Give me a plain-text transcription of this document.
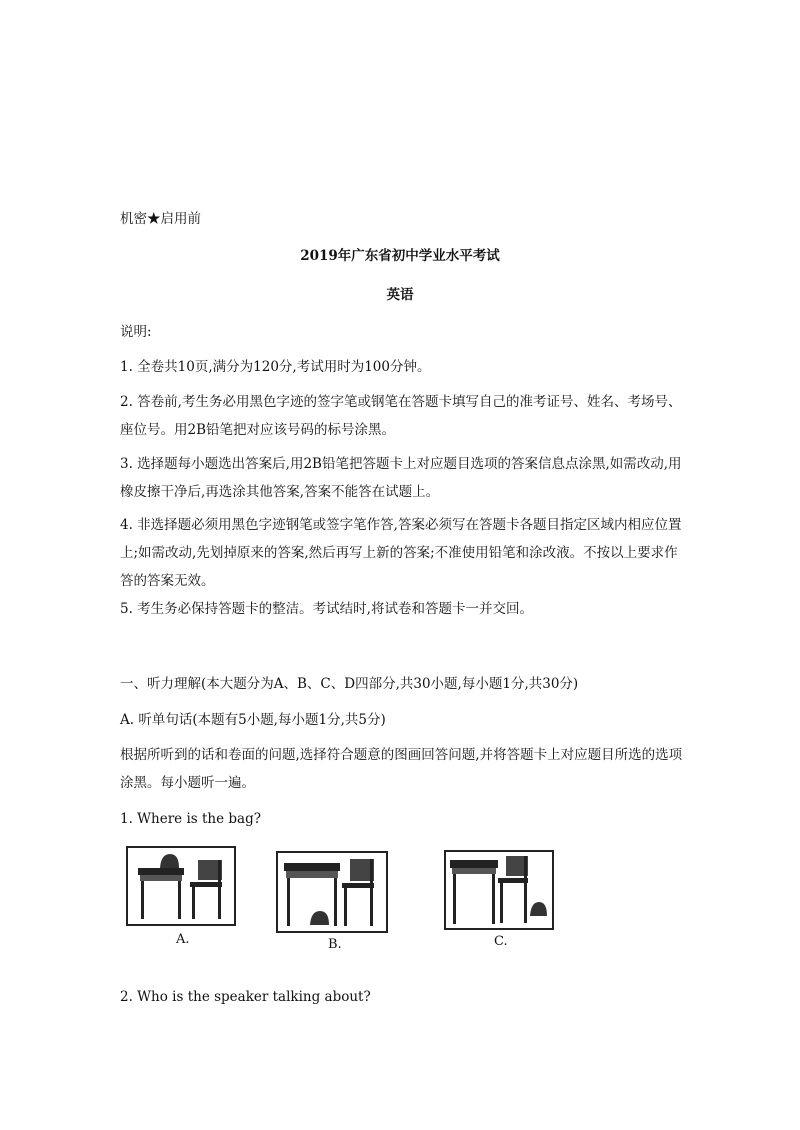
机密★启用前
2019年广东省初中学业水平考试
英语
说明:
1. 全卷共10页,满分为120分,考试用时为100分钟。
2. 答卷前,考生务必用黑色字迹的签字笔或钢笔在答题卡填写自己的准考证号、姓名、考场号、座位号。用2B铅笔把对应该号码的标号涂黑。
3. 选择题每小题选出答案后,用2B铅笔把答题卡上对应题目选项的答案信息点涂黑,如需改动,用橡皮擦干净后,再选涂其他答案,答案不能答在试题上。
4. 非选择题必须用黑色字迹钢笔或签字笔作答,答案必须写在答题卡各题目指定区域内相应位置上;如需改动,先划掉原来的答案,然后再写上新的答案;不准使用铅笔和涂改液。不按以上要求作答的答案无效。
5. 考生务必保持答题卡的整洁。考试结时,将试卷和答题卡一并交回。
一、听力理解(本大题分为A、B、C、D四部分,共30小题,每小题1分,共30分)
A. 听单句话(本题有5小题,每小题1分,共5分)
根据所听到的话和卷面的问题,选择符合题意的图画回答问题,并将答题卡上对应题目所选的选项涂黑。每小题听一遍。
1. Where is the bag?
A.	B.	C.
2. Who is the speaker talking about?
